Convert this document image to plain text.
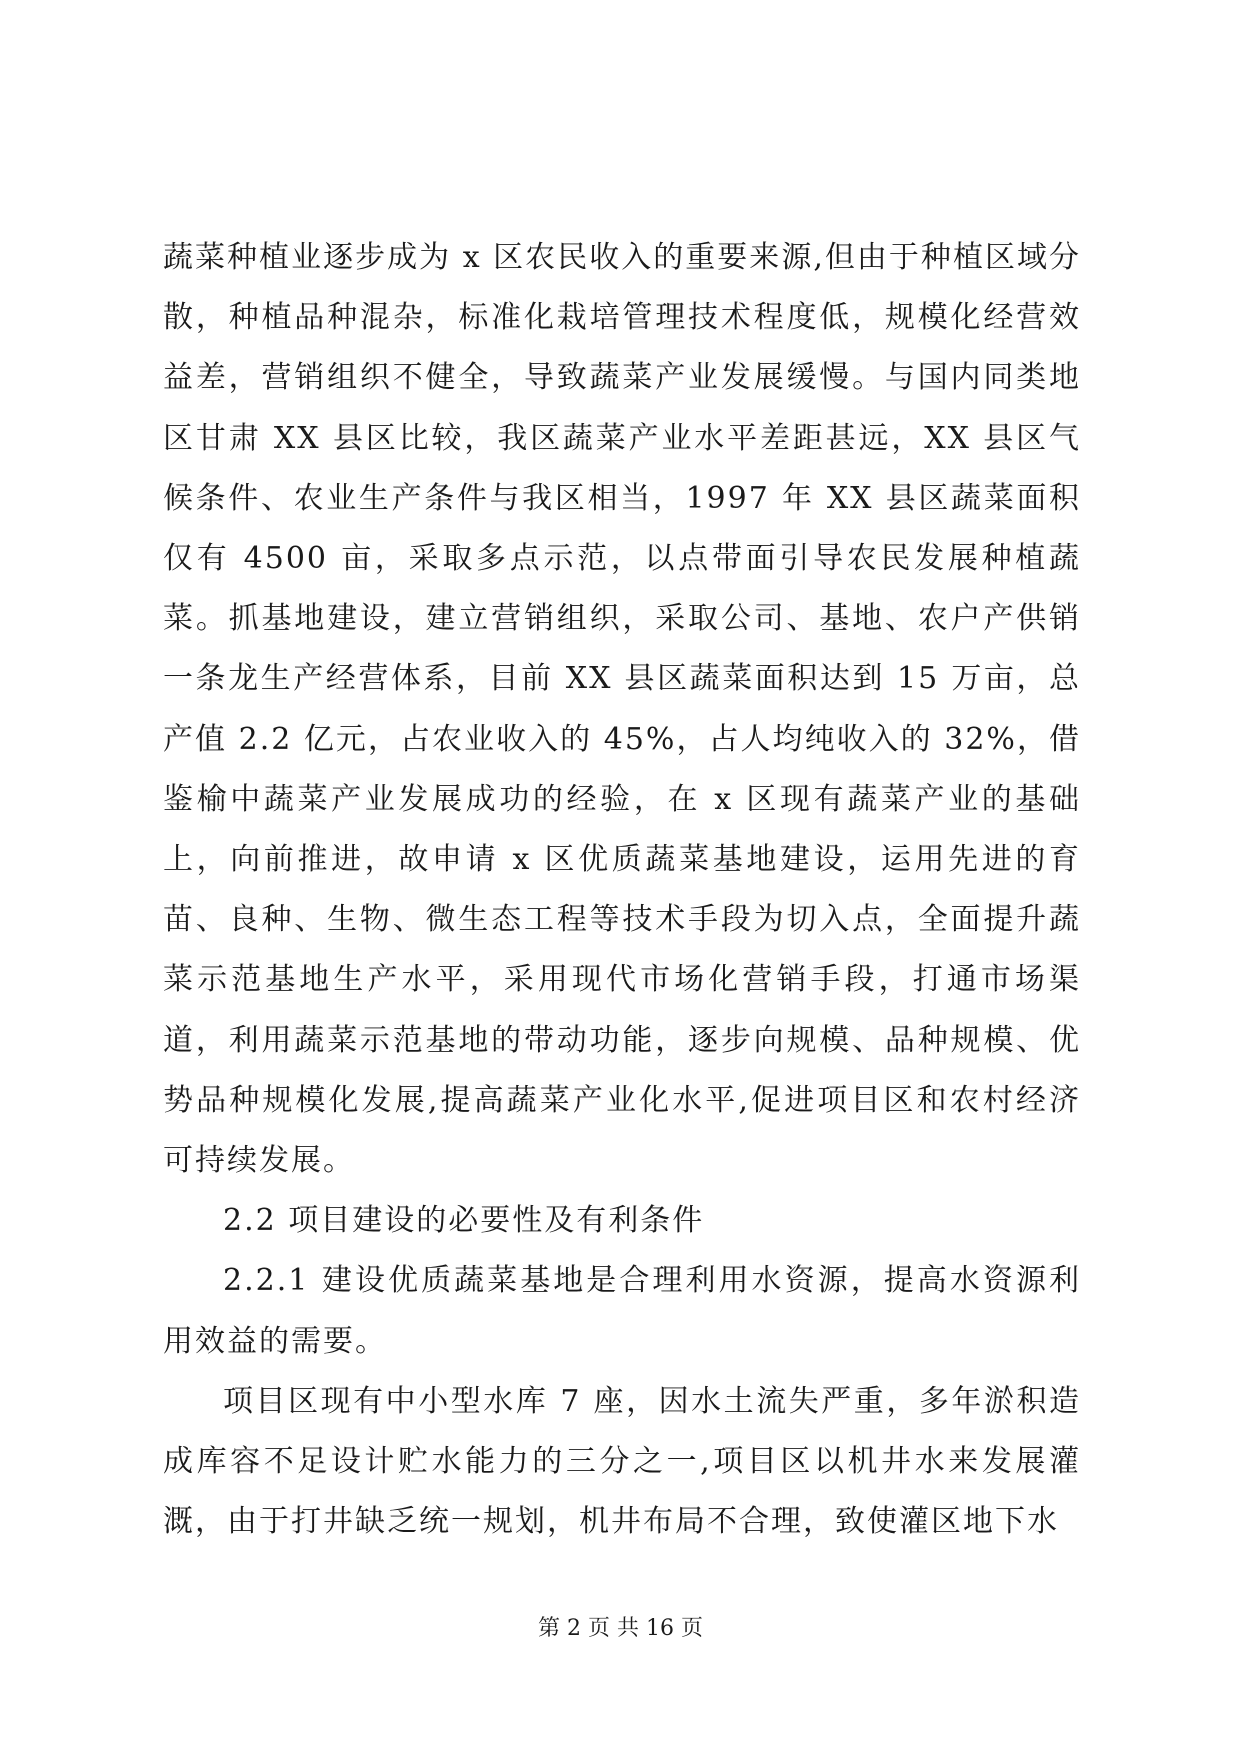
蔬菜种植业逐步成为 x 区农民收入的重要来源,但由于种植区域分散，种植品种混杂，标准化栽培管理技术程度低，规模化经营效益差，营销组织不健全，导致蔬菜产业发展缓慢。与国内同类地区甘肃 XX 县区比较，我区蔬菜产业水平差距甚远，XX 县区气候条件、农业生产条件与我区相当，1997 年 XX 县区蔬菜面积仅有 4500 亩，采取多点示范，以点带面引导农民发展种植蔬菜。抓基地建设，建立营销组织，采取公司、基地、农户产供销一条龙生产经营体系，目前 XX 县区蔬菜面积达到 15 万亩，总产值 2.2 亿元，占农业收入的 45%，占人均纯收入的 32%，借鉴榆中蔬菜产业发展成功的经验，在 x 区现有蔬菜产业的基础上，向前推进，故申请 x 区优质蔬菜基地建设，运用先进的育苗、良种、生物、微生态工程等技术手段为切入点，全面提升蔬菜示范基地生产水平，采用现代市场化营销手段，打通市场渠道，利用蔬菜示范基地的带动功能，逐步向规模、品种规模、优势品种规模化发展,提高蔬菜产业化水平,促进项目区和农村经济可持续发展。

2.2 项目建设的必要性及有利条件

2.2.1 建设优质蔬菜基地是合理利用水资源，提高水资源利用效益的需要。

项目区现有中小型水库 7 座，因水土流失严重，多年淤积造成库容不足设计贮水能力的三分之一,项目区以机井水来发展灌溉，由于打井缺乏统一规划，机井布局不合理，致使灌区地下水

第 2 页 共 16 页
